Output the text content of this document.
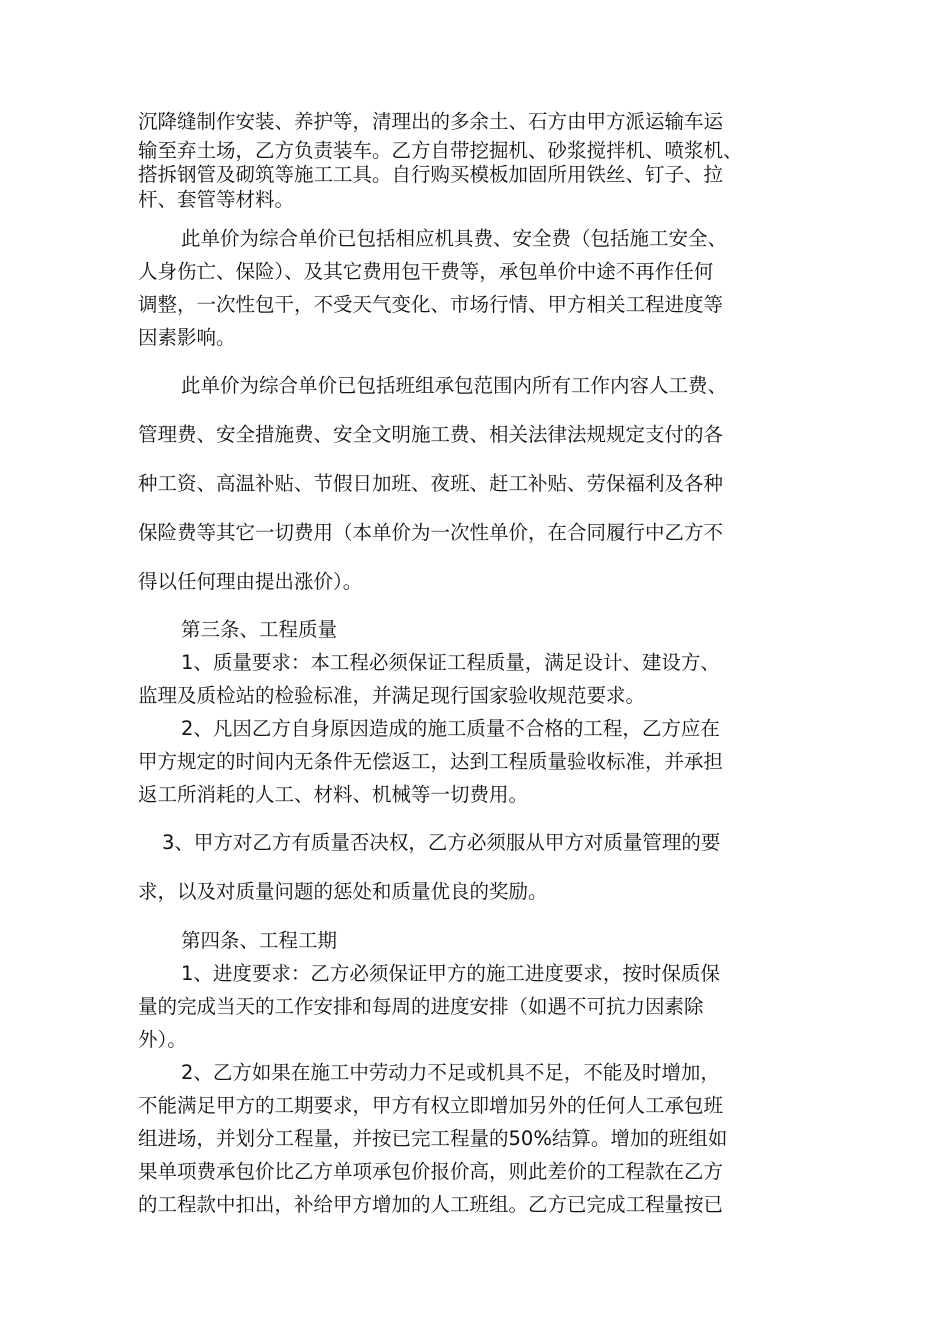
沉降缝制作安装、养护等，清理出的多余土、石方由甲方派运输车运
输至弃土场，乙方负责装车。乙方自带挖掘机、砂浆搅拌机、喷浆机、
搭拆钢管及砌筑等施工工具。自行购买模板加固所用铁丝、钉子、拉
杆、套管等材料。
此单价为综合单价已包括相应机具费、安全费（包括施工安全、
人身伤亡、保险）、及其它费用包干费等，承包单价中途不再作任何
调整，一次性包干，不受天气变化、市场行情、甲方相关工程进度等
因素影响。
此单价为综合单价已包括班组承包范围内所有工作内容人工费、
管理费、安全措施费、安全文明施工费、相关法律法规规定支付的各
种工资、高温补贴、节假日加班、夜班、赶工补贴、劳保福利及各种
保险费等其它一切费用（本单价为一次性单价，在合同履行中乙方不
得以任何理由提出涨价）。
第三条、工程质量
1、质量要求：本工程必须保证工程质量，满足设计、建设方、
监理及质检站的检验标准，并满足现行国家验收规范要求。
2、凡因乙方自身原因造成的施工质量不合格的工程，乙方应在
甲方规定的时间内无条件无偿返工，达到工程质量验收标准，并承担
返工所消耗的人工、材料、机械等一切费用。
3、甲方对乙方有质量否决权，乙方必须服从甲方对质量管理的要
求，以及对质量问题的惩处和质量优良的奖励。
第四条、工程工期
1、进度要求：乙方必须保证甲方的施工进度要求，按时保质保
量的完成当天的工作安排和每周的进度安排（如遇不可抗力因素除
外）。
2、乙方如果在施工中劳动力不足或机具不足，不能及时增加，
不能满足甲方的工期要求，甲方有权立即增加另外的任何人工承包班
组进场，并划分工程量，并按已完工程量的50%结算。增加的班组如
果单项费承包价比乙方单项承包价报价高，则此差价的工程款在乙方
的工程款中扣出，补给甲方增加的人工班组。乙方已完成工程量按已
